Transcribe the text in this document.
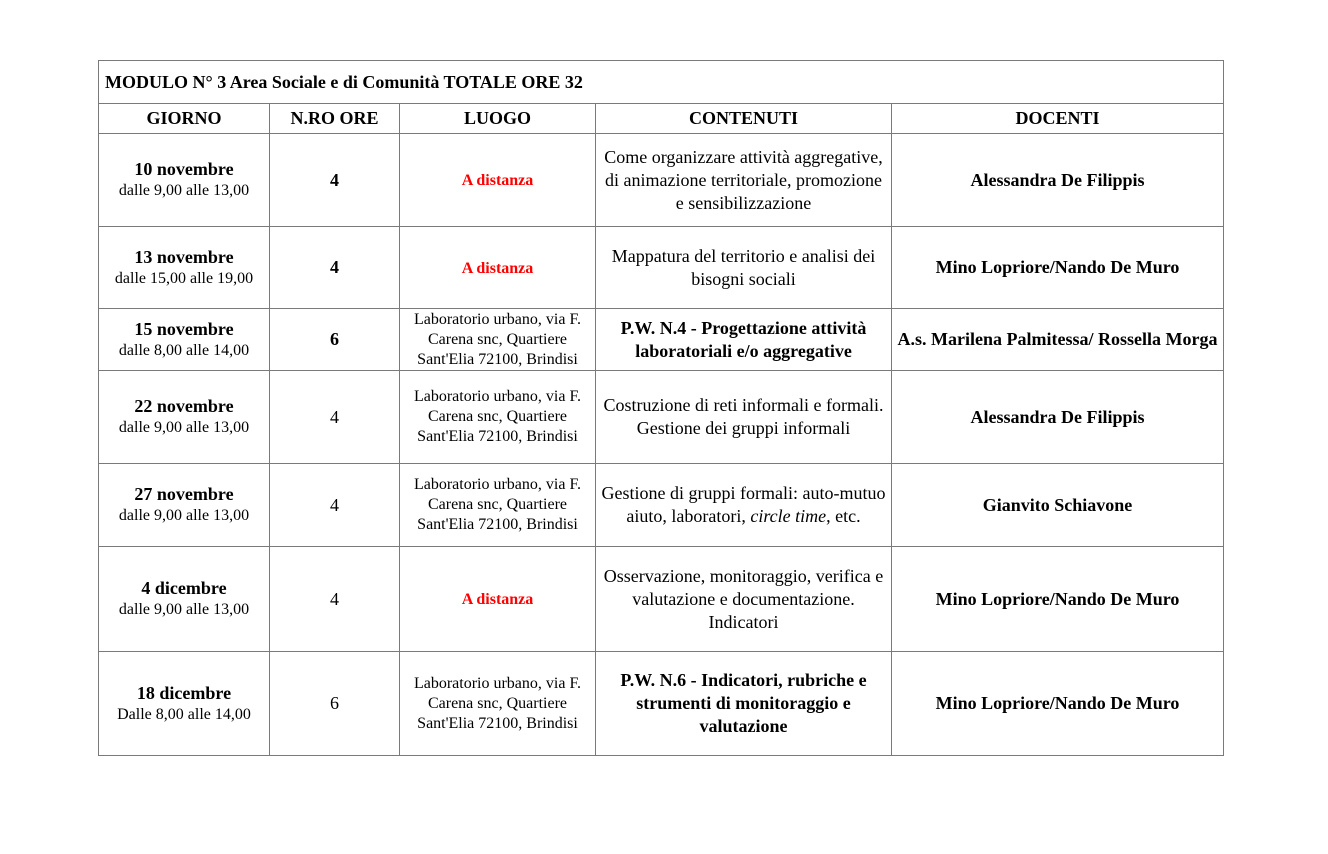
MODULO N° 3 Area Sociale e di Comunità TOTALE ORE 32				
GIORNO	N.RO ORE	LUOGO	CONTENUTI	DOCENTI

10 novembre
dalle 9,00 alle 13,00	4	A distanza	Come organizzare attività aggregative, di animazione territoriale, promozione e sensibilizzazione	Alessandra De Filippis

13 novembre
dalle 15,00 alle 19,00	4	A distanza	Mappatura del territorio e analisi dei bisogni sociali	Mino Lopriore/Nando De Muro

15 novembre
dalle 8,00 alle 14,00	6	Laboratorio urbano, via F. Carena snc, Quartiere Sant'Elia 72100, Brindisi	P.W. N.4 - Progettazione attività laboratoriali e/o aggregative	A.s. Marilena Palmitessa/ Rossella Morga

22 novembre
dalle 9,00 alle 13,00	4	Laboratorio urbano, via F. Carena snc, Quartiere Sant'Elia 72100, Brindisi	Costruzione di reti informali e formali. Gestione dei gruppi informali	Alessandra De Filippis

27 novembre
dalle 9,00 alle 13,00	4	Laboratorio urbano, via F. Carena snc, Quartiere Sant'Elia 72100, Brindisi	Gestione di gruppi formali: auto-mutuo aiuto, laboratori, circle time, etc.	Gianvito Schiavone

4 dicembre
dalle 9,00 alle 13,00	4	A distanza	Osservazione, monitoraggio, verifica e valutazione e documentazione. Indicatori	Mino Lopriore/Nando De Muro

18 dicembre
Dalle 8,00 alle 14,00	6	Laboratorio urbano, via F. Carena snc, Quartiere Sant'Elia 72100, Brindisi	P.W. N.6 - Indicatori, rubriche e strumenti di monitoraggio e valutazione	Mino Lopriore/Nando De Muro
